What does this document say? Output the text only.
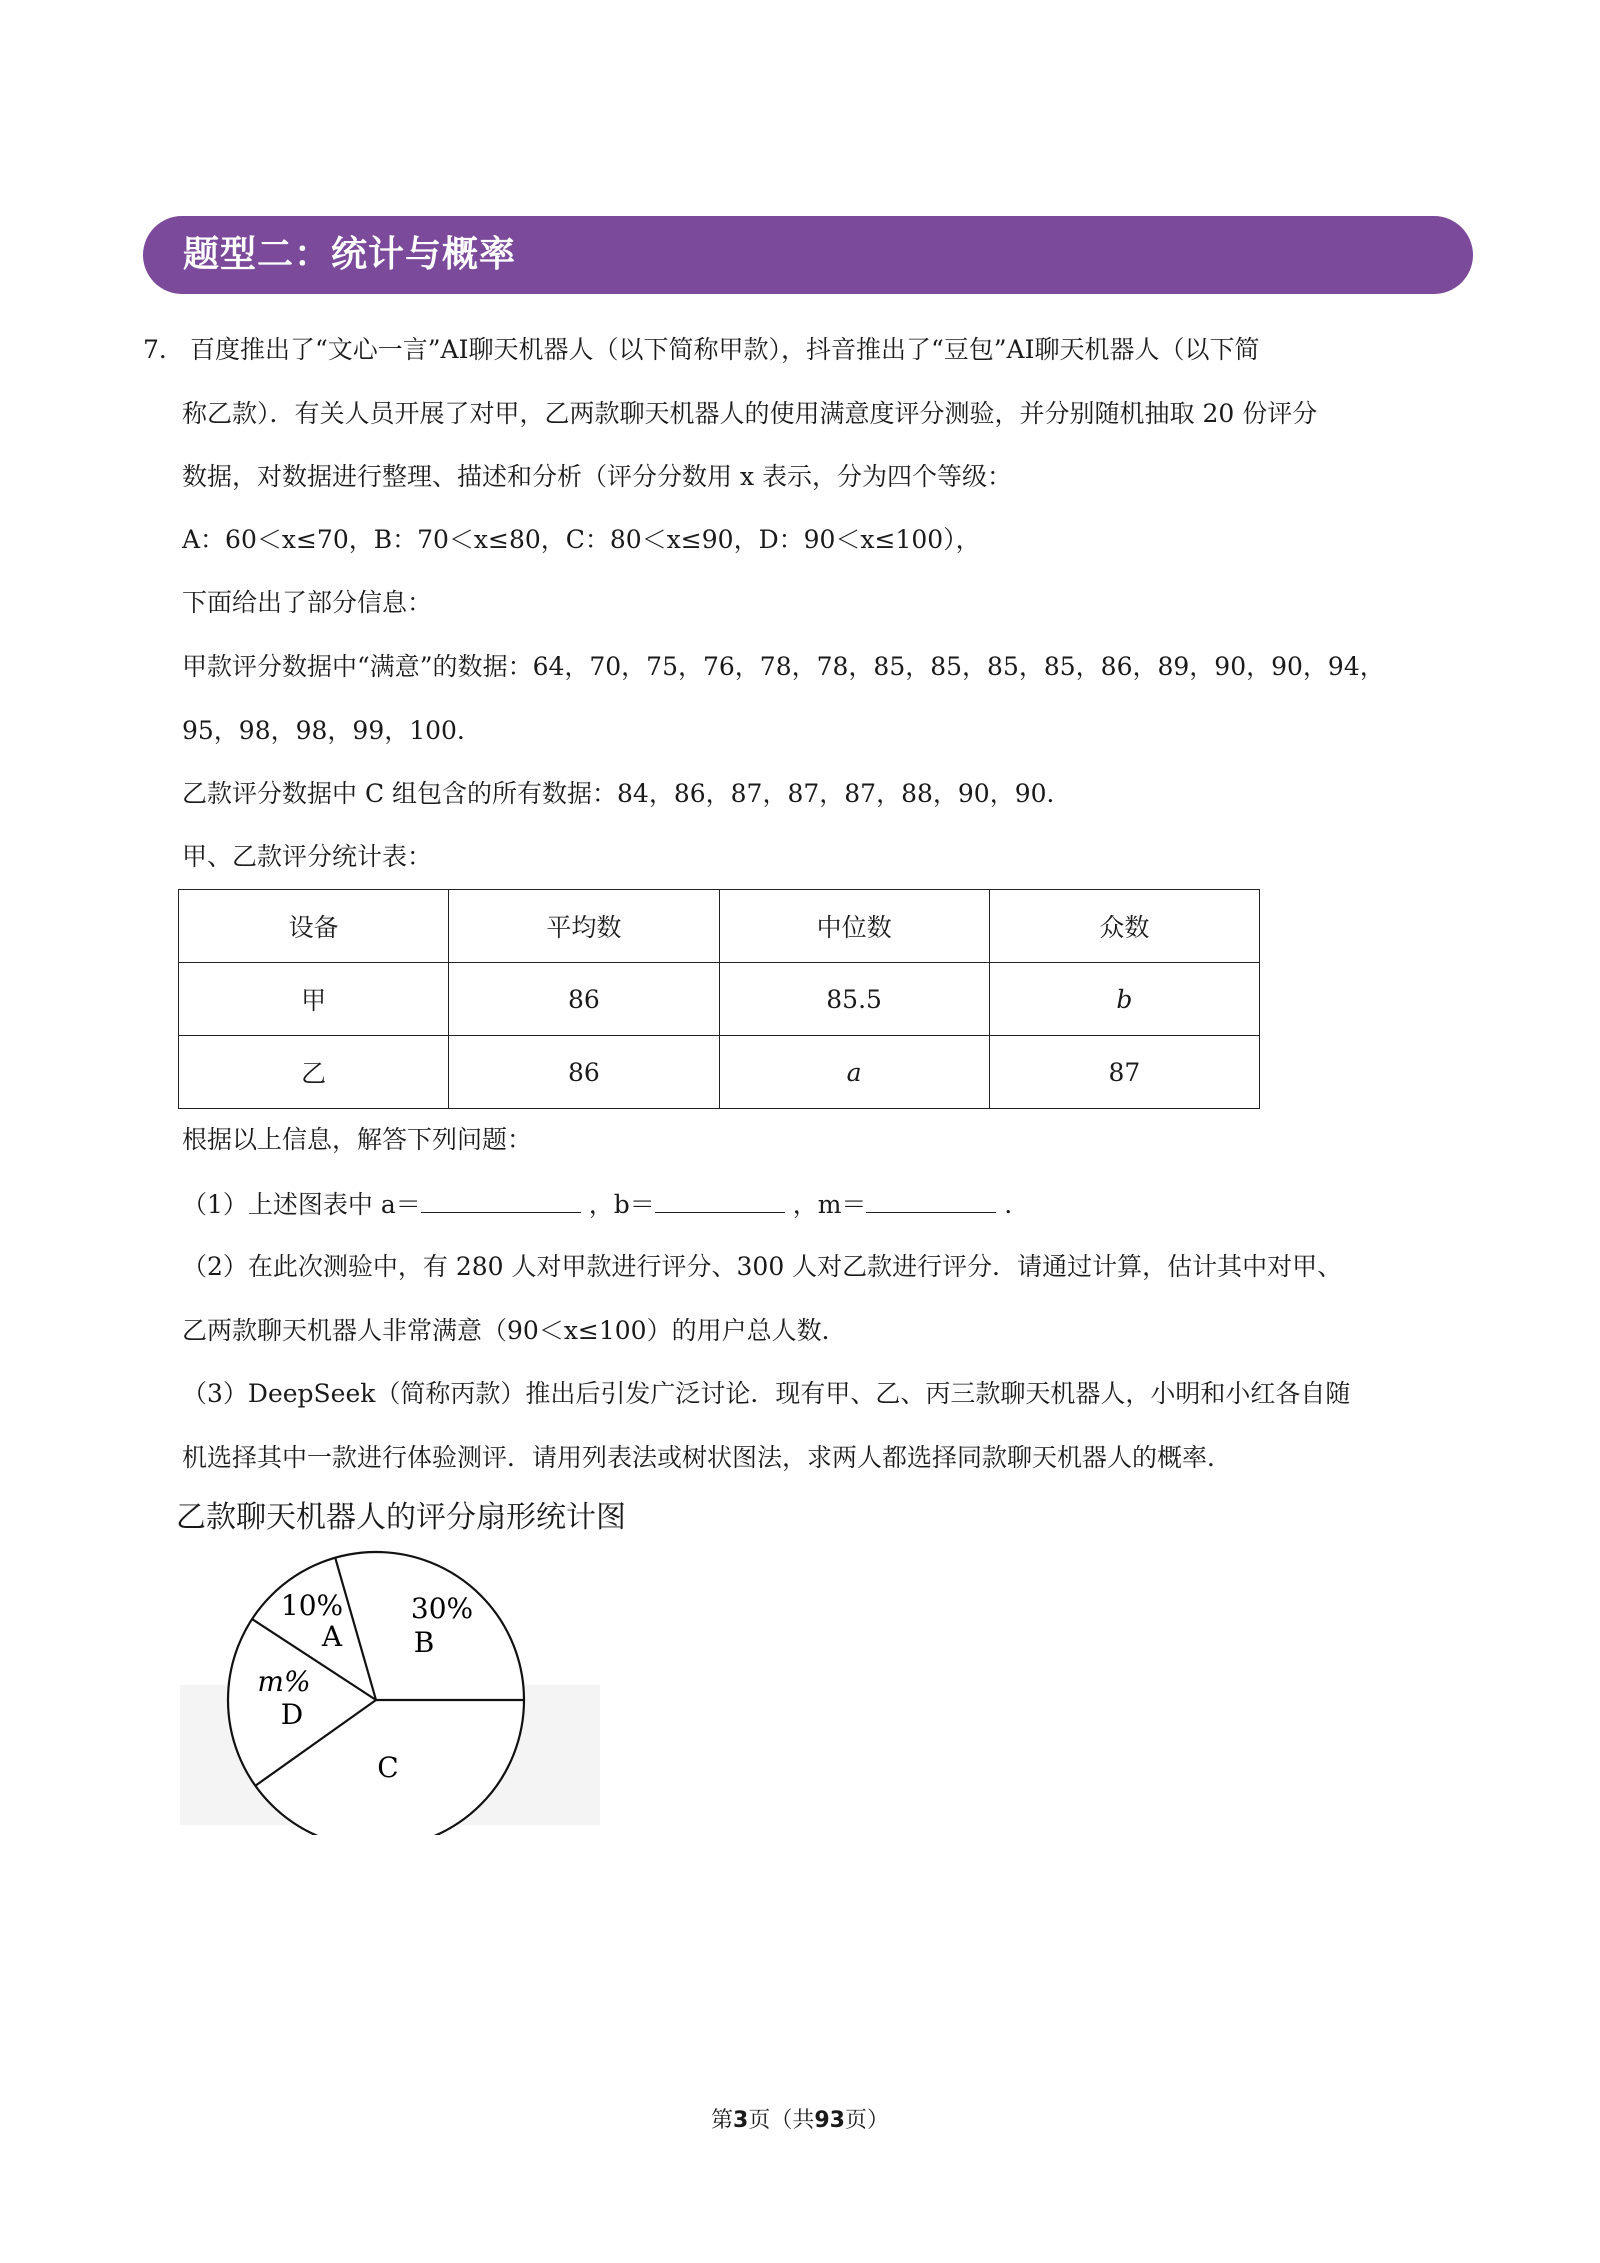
题型二：统计与概率
7． 百度推出了“文心一言”AI聊天机器人（以下简称甲款），抖音推出了“豆包”AI聊天机器人（以下简
称乙款）．有关人员开展了对甲，乙两款聊天机器人的使用满意度评分测验，并分别随机抽取 20 份评分
数据，对数据进行整理、描述和分析（评分分数用 x 表示，分为四个等级：
A：60＜x≤70，B：70＜x≤80，C：80＜x≤90，D：90＜x≤100），
下面给出了部分信息：
甲款评分数据中“满意”的数据：64，70，75，76，78，78，85，85，85，85，86，89，90，90，94，
95，98，98，99，100．
乙款评分数据中 C 组包含的所有数据：84，86，87，87，87，88，90，90．
甲、乙款评分统计表：
设备	平均数	中位数	众数
甲	86	85.5	b
乙	86	a	87
根据以上信息，解答下列问题：
（1）上述图表中 a＝	，b＝	，m＝	．
（2）在此次测验中，有 280 人对甲款进行评分、300 人对乙款进行评分．请通过计算，估计其中对甲、
乙两款聊天机器人非常满意（90＜x≤100）的用户总人数．
（3）DeepSeek（简称丙款）推出后引发广泛讨论．现有甲、乙、丙三款聊天机器人，小明和小红各自随
机选择其中一款进行体验测评．请用列表法或树状图法，求两人都选择同款聊天机器人的概率．
乙款聊天机器人的评分扇形统计图
10%
A
30%
B
C
m%
D
第3页（共93页）
